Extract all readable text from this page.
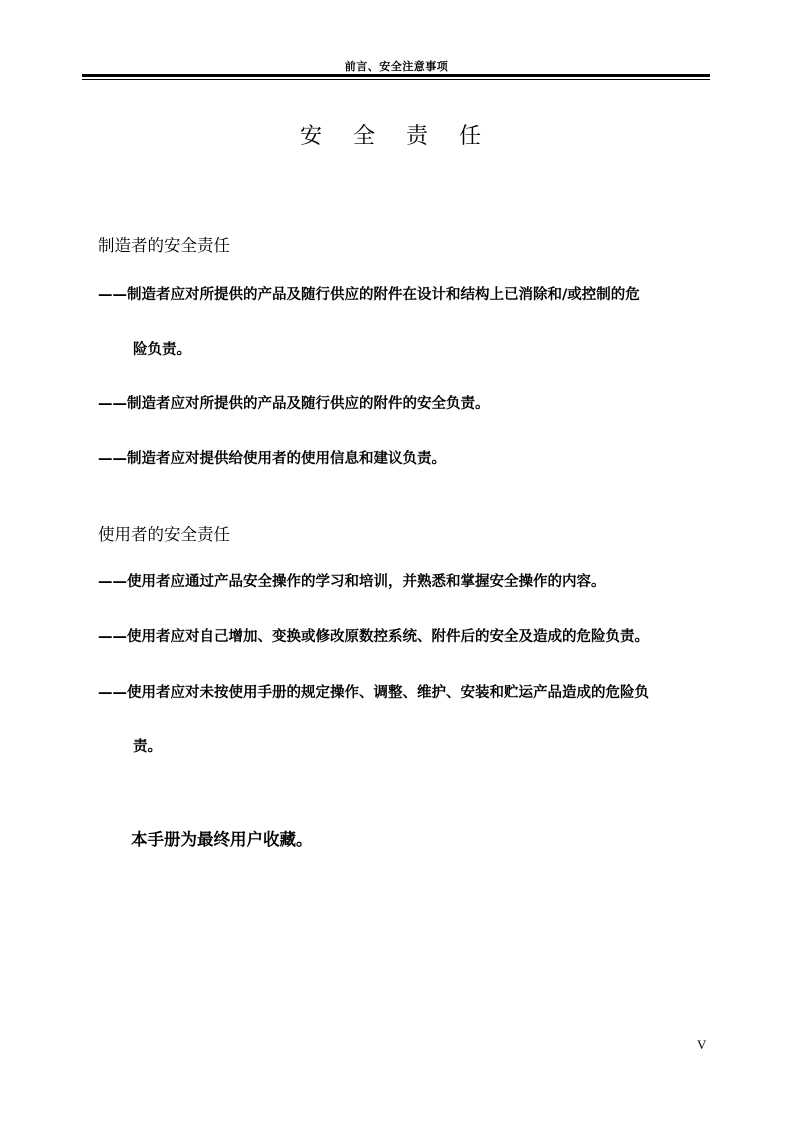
前言、安全注意事项
安 全 责 任
制造者的安全责任
——制造者应对所提供的产品及随行供应的附件在设计和结构上已消除和/或控制的危
险负责。
——制造者应对所提供的产品及随行供应的附件的安全负责。
——制造者应对提供给使用者的使用信息和建议负责。
使用者的安全责任
——使用者应通过产品安全操作的学习和培训，并熟悉和掌握安全操作的内容。
——使用者应对自己增加、变换或修改原数控系统、附件后的安全及造成的危险负责。
——使用者应对未按使用手册的规定操作、调整、维护、安装和贮运产品造成的危险负
责。
本手册为最终用户收藏。
V
